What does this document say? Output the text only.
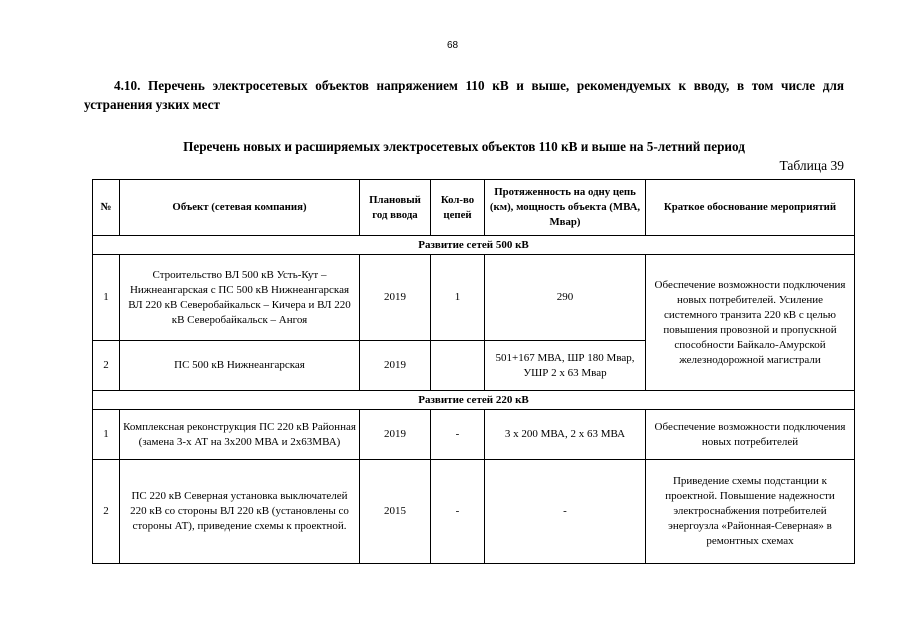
68
4.10. Перечень электросетевых объектов напряжением 110 кВ и выше, рекомендуемых к вводу, в том числе для устранения узких мест
Перечень новых и расширяемых электросетевых объектов 110 кВ и выше на 5-летний период
Таблица 39
№	Объект (сетевая компания)	Плановый год ввода	Кол-во цепей	Протяженность на одну цепь (км), мощность объекта (МВА, Мвар)	Краткое обоснование мероприятий
Развитие сетей 500 кВ					
1	Строительство ВЛ 500 кВ Усть-Кут – Нижнеангарская с ПС 500 кВ Нижнеангарская ВЛ 220 кВ Северобайкальск – Кичера и ВЛ 220 кВ Северобайкальск – Ангоя	2019	1	290	Обеспечение возможности подключения новых потребителей. Усиление системного транзита 220 кВ с целью повышения провозной и пропускной способности Байкало-Амурской железнодорожной магистрали
2	ПС 500 кВ Нижнеангарская	2019		501+167 МВА, ШР 180 Мвар, УШР 2 х 63 Мвар	
Развитие сетей 220 кВ					
1	Комплексная реконструкция ПС 220 кВ Районная (замена 3-х АТ на 3х200 МВА и 2х63МВА)	2019	-	3 х 200 МВА, 2 х 63 МВА	Обеспечение возможности подключения новых потребителей
2	ПС 220 кВ Северная установка выключателей 220 кВ со стороны ВЛ 220 кВ (установлены со стороны АТ), приведение схемы к проектной.	2015	-	-	Приведение схемы подстанции к проектной. Повышение надежности электроснабжения потребителей энергоузла «Районная-Северная» в ремонтных схемах
